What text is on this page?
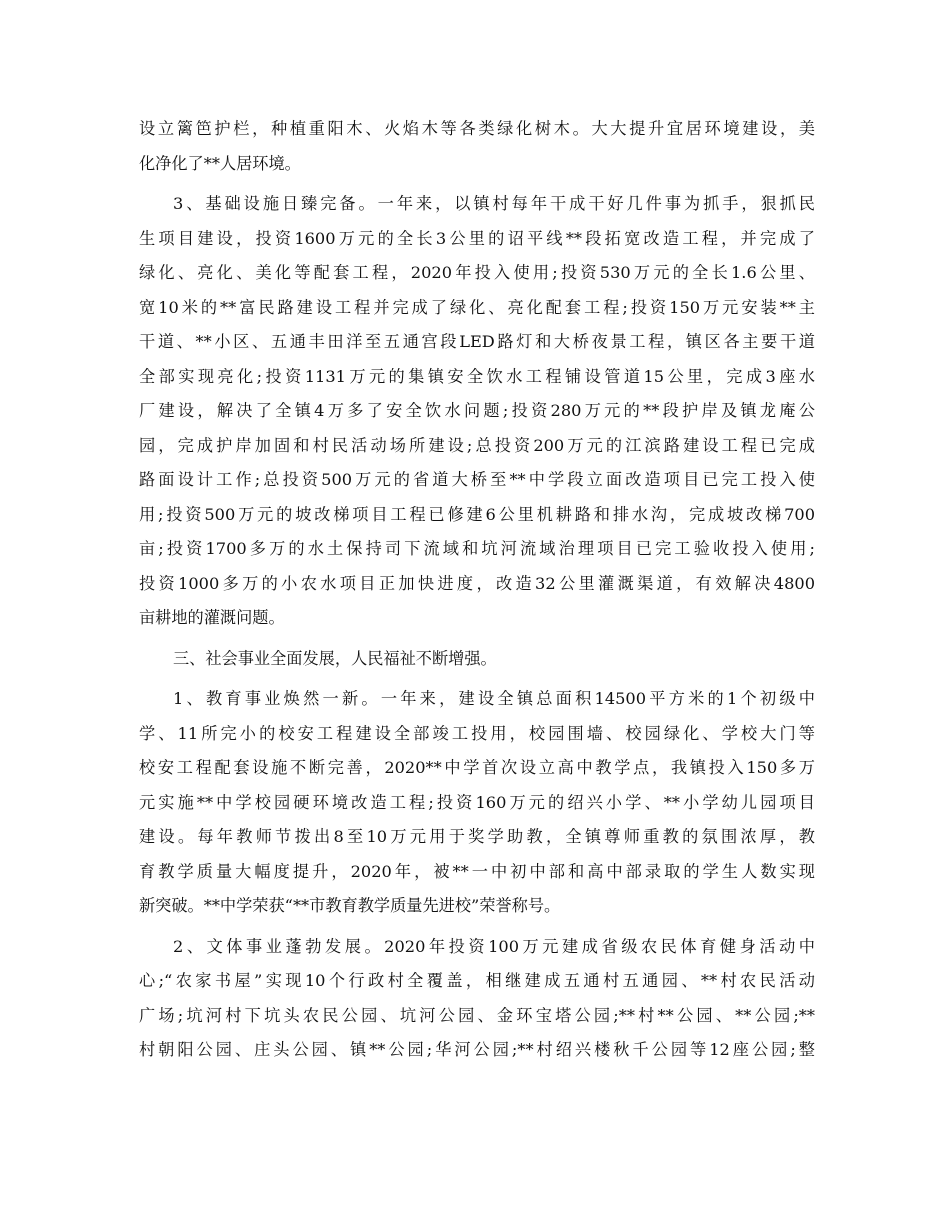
设立篱笆护栏，种植重阳木、火焰木等各类绿化树木。大大提升宜居环境建设，美
化净化了**人居环境。
3、基础设施日臻完备。一年来，以镇村每年干成干好几件事为抓手，狠抓民
生项目建设，投资1600万元的全长3公里的诏平线**段拓宽改造工程，并完成了
绿化、亮化、美化等配套工程，2020年投入使用;投资530万元的全长1.6公里、
宽10米的**富民路建设工程并完成了绿化、亮化配套工程;投资150万元安装**主
干道、**小区、五通丰田洋至五通宫段LED路灯和大桥夜景工程，镇区各主要干道
全部实现亮化;投资1131万元的集镇安全饮水工程铺设管道15公里，完成3座水
厂建设，解决了全镇4万多了安全饮水问题;投资280万元的**段护岸及镇龙庵公
园，完成护岸加固和村民活动场所建设;总投资200万元的江滨路建设工程已完成
路面设计工作;总投资500万元的省道大桥至**中学段立面改造项目已完工投入使
用;投资500万元的坡改梯项目工程已修建6公里机耕路和排水沟，完成坡改梯700
亩;投资1700多万的水土保持司下流域和坑河流域治理项目已完工验收投入使用;
投资1000多万的小农水项目正加快进度，改造32公里灌溉渠道，有效解决4800
亩耕地的灌溉问题。
三、社会事业全面发展，人民福祉不断增强。
1、教育事业焕然一新。一年来，建设全镇总面积14500平方米的1个初级中
学、11所完小的校安工程建设全部竣工投用，校园围墙、校园绿化、学校大门等
校安工程配套设施不断完善，2020**中学首次设立高中教学点，我镇投入150多万
元实施**中学校园硬环境改造工程;投资160万元的绍兴小学、**小学幼儿园项目
建设。每年教师节拨出8至10万元用于奖学助教，全镇尊师重教的氛围浓厚，教
育教学质量大幅度提升，2020年，被**一中初中部和高中部录取的学生人数实现
新突破。**中学荣获“**市教育教学质量先进校”荣誉称号。
2、文体事业蓬勃发展。2020年投资100万元建成省级农民体育健身活动中
心;“农家书屋”实现10个行政村全覆盖，相继建成五通村五通园、**村农民活动
广场;坑河村下坑头农民公园、坑河公园、金环宝塔公园;**村**公园、**公园;**
村朝阳公园、庄头公园、镇**公园;华河公园;**村绍兴楼秋千公园等12座公园;整
